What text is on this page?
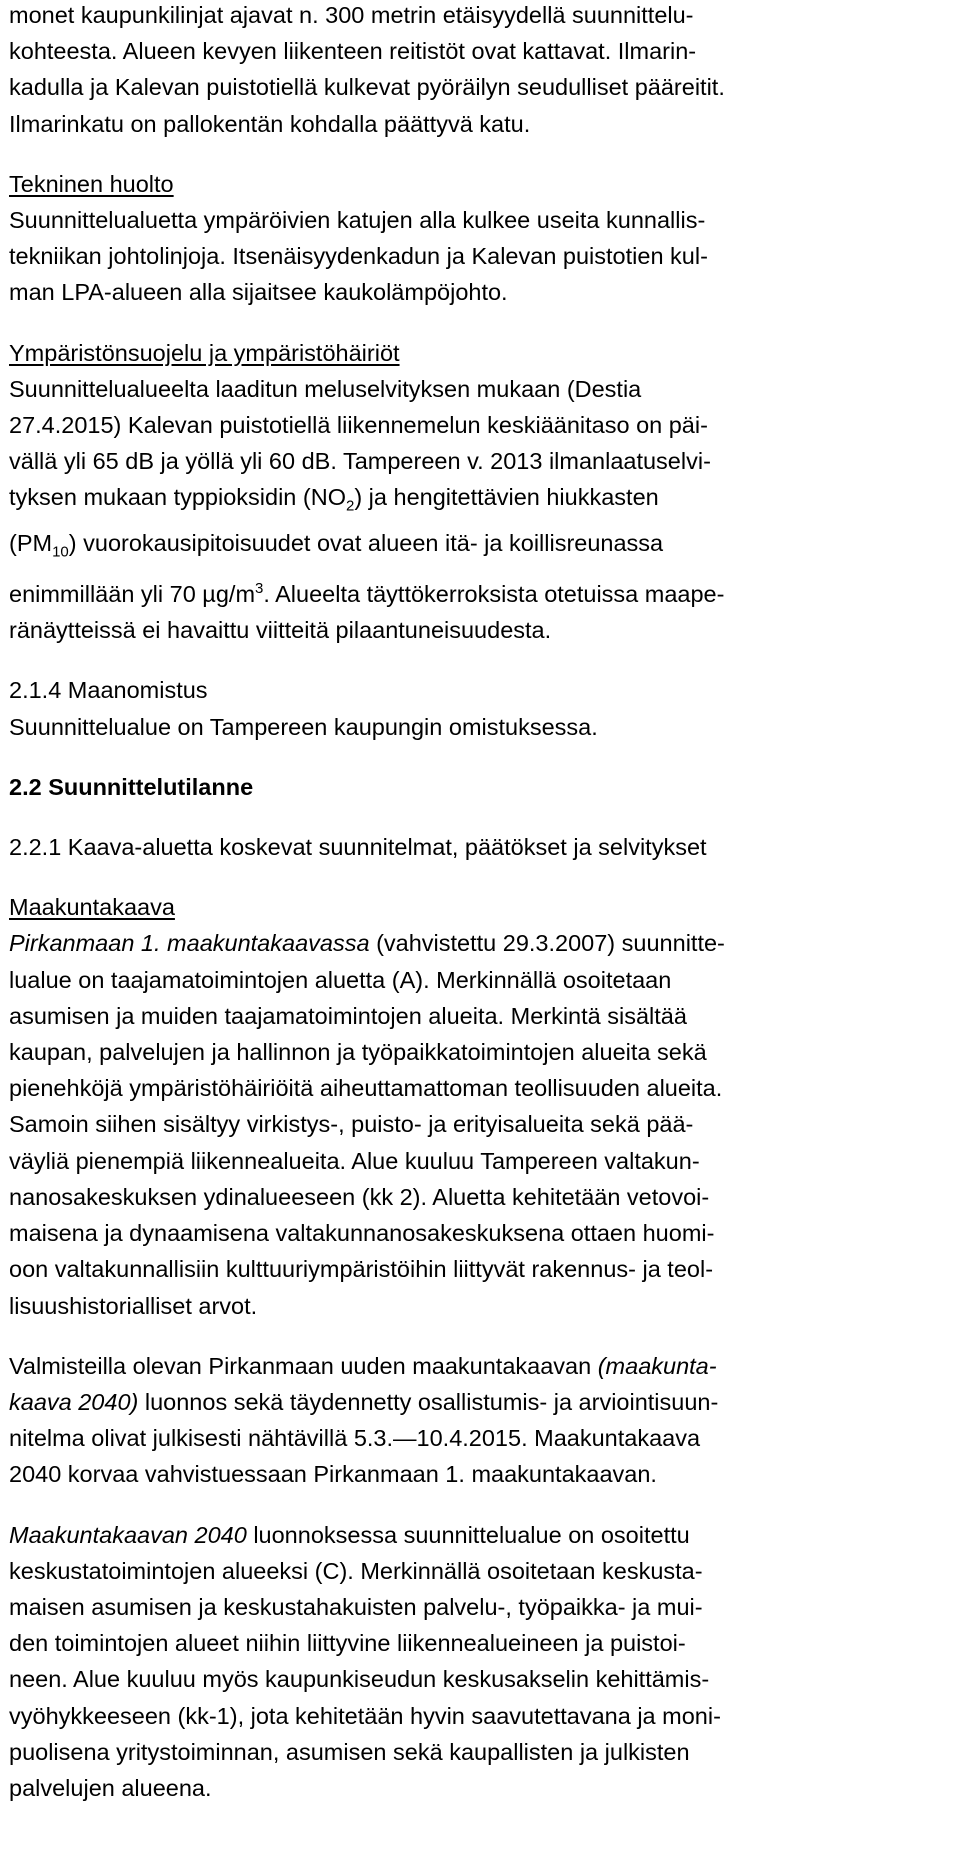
monet kaupunkilinjat ajavat n. 300 metrin etäisyydellä suunnittelu-
kohteesta. Alueen kevyen liikenteen reitistöt ovat kattavat. Ilmarin-
kadulla ja Kalevan puistotiellä kulkevat pyöräilyn seudulliset pääreitit.
Ilmarinkatu on pallokentän kohdalla päättyvä katu.
Tekninen huolto
Suunnittelualuetta ympäröivien katujen alla kulkee useita kunnallis-
tekniikan johtolinjoja. Itsenäisyydenkadun ja Kalevan puistotien kul-
man LPA-alueen alla sijaitsee kaukolämpöjohto.
Ympäristönsuojelu ja ympäristöhäiriöt
Suunnittelualueelta laaditun meluselvityksen mukaan (Destia
27.4.2015) Kalevan puistotiellä liikennemelun keskiäänitaso on päi-
vällä yli 65 dB ja yöllä yli 60 dB. Tampereen v. 2013 ilmanlaatuselvi-
tyksen mukaan typpioksidin $(NO_2)$ ja hengitettävien hiukkasten
$(PM_{10})$ vuorokausipitoisuudet ovat alueen itä- ja koillisreunassa
enimmillään yli 70 $\mu g/m^3$. Alueelta täyttökerroksista otetuissa maape-
ränäytteissä ei havaittu viitteitä pilaantuneisuudesta.
2.1.4 Maanomistus
Suunnittelualue on Tampereen kaupungin omistuksessa.
2.2 Suunnittelutilanne
2.2.1 Kaava-aluetta koskevat suunnitelmat, päätökset ja selvitykset
Maakuntakaava
Pirkanmaan 1. maakuntakaavassa (vahvistettu 29.3.2007) suunnitte-
lualue on taajamatoimintojen aluetta (A). Merkinnällä osoitetaan
asumisen ja muiden taajamatoimintojen alueita. Merkintä sisältää
kaupan, palvelujen ja hallinnon ja työpaikkatoimintojen alueita sekä
pienehköjä ympäristöhäiriöitä aiheuttamattoman teollisuuden alueita.
Samoin siihen sisältyy virkistys-, puisto- ja erityisalueita sekä pää-
väyliä pienempiä liikennealueita. Alue kuuluu Tampereen valtakun-
nanosakeskuksen ydinalueeseen (kk 2). Aluetta kehitetään vetovoi-
maisena ja dynaamisena valtakunnanosakeskuksena ottaen huomi-
oon valtakunnallisiin kulttuuriympäristöihin liittyvät rakennus- ja teol-
lisuushistorialliset arvot.
Valmisteilla olevan Pirkanmaan uuden maakuntakaavan (maakunta-
kaava 2040) luonnos sekä täydennetty osallistumis- ja arviointisuun-
nitelma olivat julkisesti nähtävillä 5.3.—10.4.2015. Maakuntakaava
2040 korvaa vahvistuessaan Pirkanmaan 1. maakuntakaavan.
Maakuntakaavan 2040 luonnoksessa suunnittelualue on osoitettu
keskustatoimintojen alueeksi (C). Merkinnällä osoitetaan keskusta-
maisen asumisen ja keskustahakuisten palvelu-, työpaikka- ja mui-
den toimintojen alueet niihin liittyvine liikennealueineen ja puistoi-
neen. Alue kuuluu myös kaupunkiseudun keskusakselin kehittämis-
vyöhykkeeseen (kk-1), jota kehitetään hyvin saavutettavana ja moni-
puolisena yritystoiminnan, asumisen sekä kaupallisten ja julkisten
palvelujen alueena.
